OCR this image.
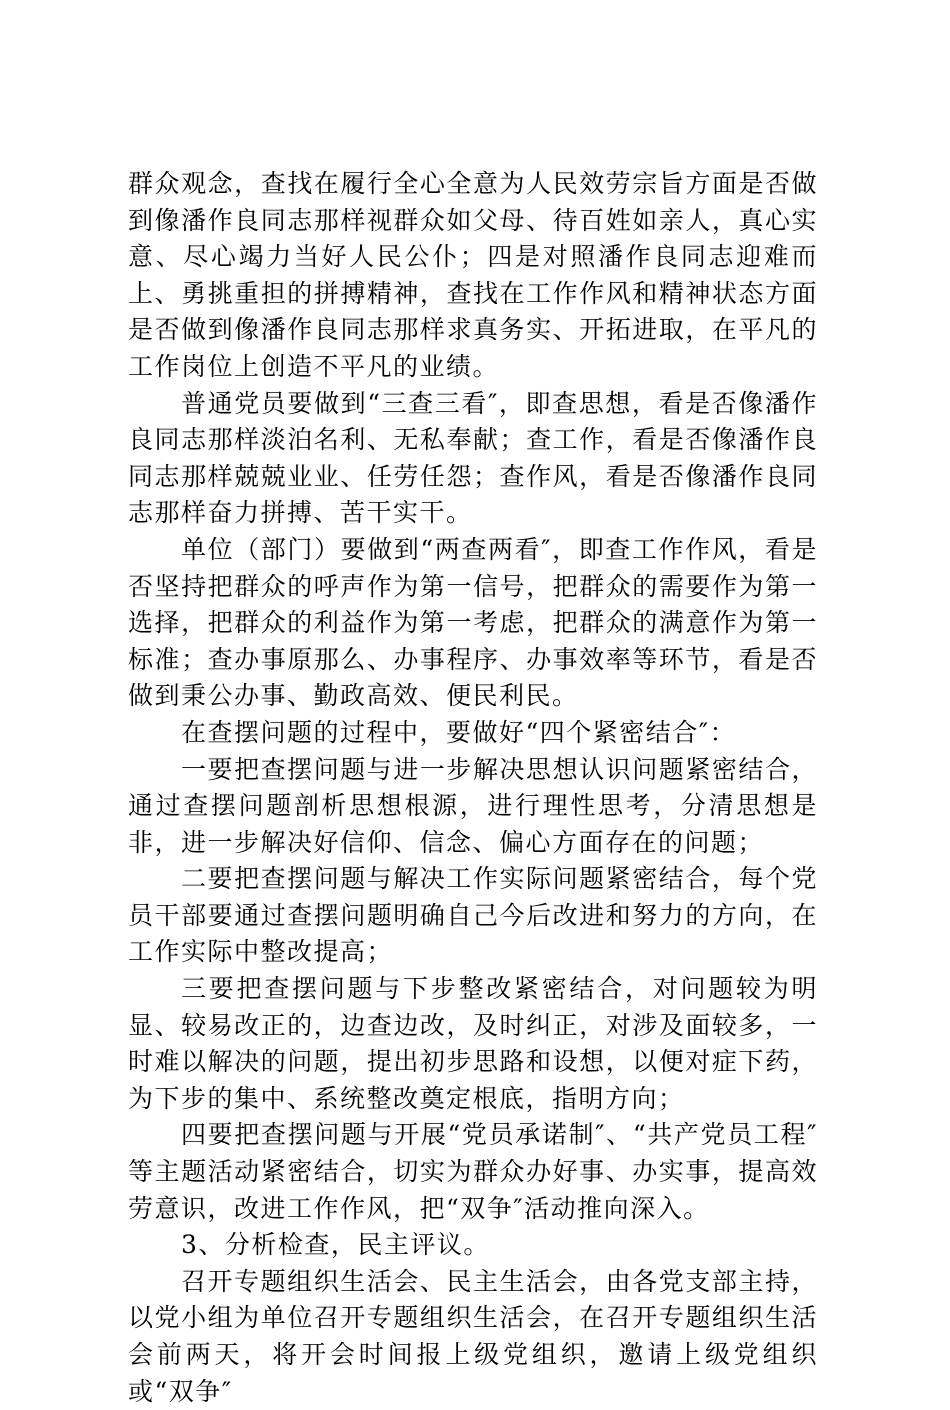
群众观念，查找在履行全心全意为人民效劳宗旨方面是否做到像潘作良同志那样视群众如父母、待百姓如亲人，真心实意、尽心竭力当好人民公仆；四是对照潘作良同志迎难而上、勇挑重担的拼搏精神，查找在工作作风和精神状态方面是否做到像潘作良同志那样求真务实、开拓进取，在平凡的工作岗位上创造不平凡的业绩。

普通党员要做到“三查三看″，即查思想，看是否像潘作良同志那样淡泊名利、无私奉献；查工作，看是否像潘作良同志那样兢兢业业、任劳任怨；查作风，看是否像潘作良同志那样奋力拼搏、苦干实干。

单位（部门）要做到“两查两看″，即查工作作风，看是否坚持把群众的呼声作为第一信号，把群众的需要作为第一选择，把群众的利益作为第一考虑，把群众的满意作为第一标准；查办事原那么、办事程序、办事效率等环节，看是否做到秉公办事、勤政高效、便民利民。

在查摆问题的过程中，要做好“四个紧密结合″：

一要把查摆问题与进一步解决思想认识问题紧密结合，通过查摆问题剖析思想根源，进行理性思考，分清思想是非，进一步解决好信仰、信念、偏心方面存在的问题；

二要把查摆问题与解决工作实际问题紧密结合，每个党员干部要通过查摆问题明确自己今后改进和努力的方向，在工作实际中整改提高；

三要把查摆问题与下步整改紧密结合，对问题较为明显、较易改正的，边查边改，及时纠正，对涉及面较多，一时难以解决的问题，提出初步思路和设想，以便对症下药，为下步的集中、系统整改奠定根底，指明方向；

四要把查摆问题与开展“党员承诺制″、“共产党员工程″等主题活动紧密结合，切实为群众办好事、办实事，提高效劳意识，改进工作作风，把“双争″活动推向深入。

3、分析检查，民主评议。

召开专题组织生活会、民主生活会，由各党支部主持，以党小组为单位召开专题组织生活会，在召开专题组织生活会前两天，将开会时间报上级党组织，邀请上级党组织或“双争″
